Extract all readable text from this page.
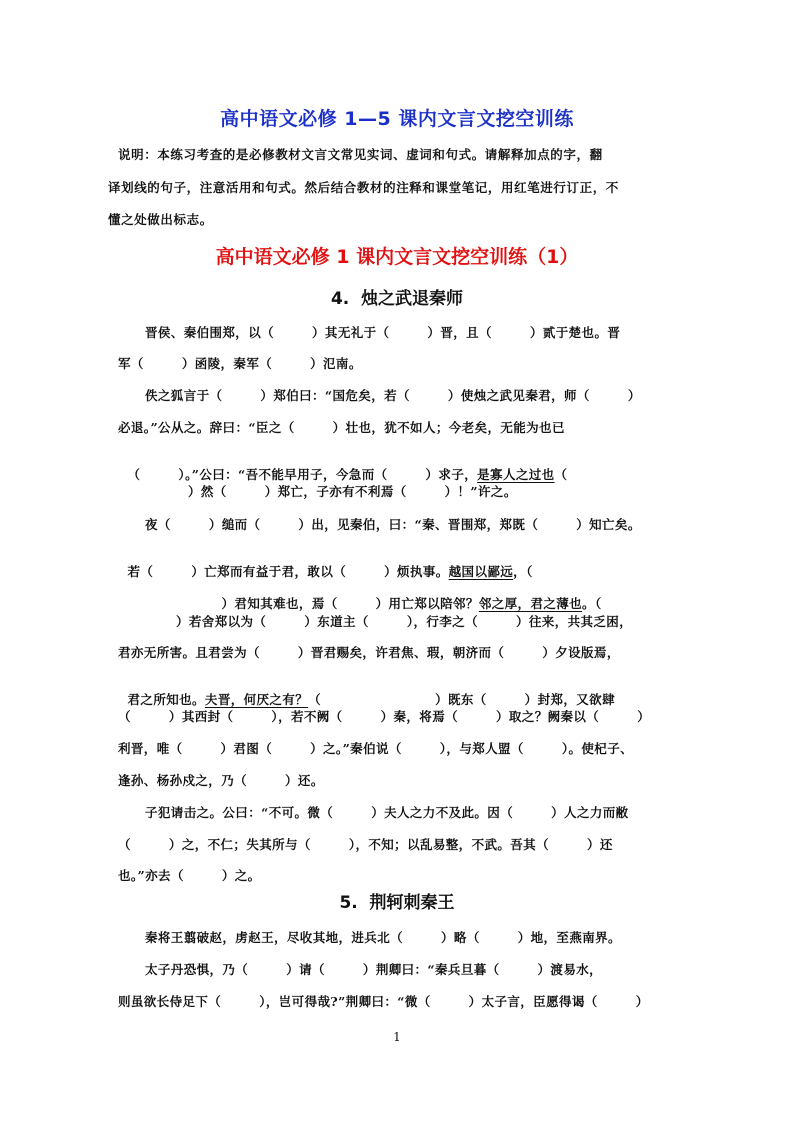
高中语文必修 1—5 课内文言文挖空训练
说明：本练习考查的是必修教材文言文常见实词、虚词和句式。请解释加点的字，翻
译划线的句子，注意活用和句式。然后结合教材的注释和课堂笔记，用红笔进行订正，不
懂之处做出标志。
高中语文必修 1 课内文言文挖空训练（1）
4.  烛之武退秦师
晋侯、秦伯围郑，以（        ）其无礼于（        ）晋，且（        ）贰于楚也。晋
军（        ）函陵，秦军（        ）氾南。
佚之狐言于（        ）郑伯曰：“国危矣，若（        ）使烛之武见秦君，师（        ）
必退。”公从之。辞曰：“臣之（        ）壮也，犹不如人；今老矣，无能为也已

（        ）。”公曰：“吾不能早用子，今急而（        ）求子，是寡人之过也（

）然（        ）郑亡，子亦有不利焉（        ）！”许之。
夜（        ）缒而（        ）出，见秦伯，曰：“秦、晋围郑，郑既（        ）知亡矣。

若（        ）亡郑而有益于君，敢以（        ）烦执事。越国以鄙远，（

）君知其难也，焉（        ）用亡郑以陪邻？邻之厚，君之薄也。（

）若舍郑以为（        ）东道主（        ），行李之（        ）往来，共其乏困，
君亦无所害。且君尝为（        ）晋君赐矣，许君焦、瑕，朝济而（        ）夕设版焉，

君之所知也。夫晋，何厌之有？（                        ）既东（        ）封郑，又欲肆

（        ）其西封（        ），若不阙（        ）秦，将焉（        ）取之？阙秦以（        ）
利晋，唯（        ）君图（        ）之。”秦伯说（        ），与郑人盟（        ）。使杞子、
逢孙、杨孙戍之，乃（        ）还。
子犯请击之。公曰：“不可。微（        ）夫人之力不及此。因（        ）人之力而敝
（        ）之，不仁；失其所与（        ），不知；以乱易整，不武。吾其（        ）还
也。”亦去（        ）之。
5.  荆轲刺秦王
秦将王翦破赵，虏赵王，尽收其地，进兵北（        ）略（        ）地，至燕南界。
太子丹恐惧，乃（        ）请（        ）荆卿曰：“秦兵旦暮（        ）渡易水，
则虽欲长侍足下（        ），岂可得哉?”荆卿曰：“微（        ）太子言，臣愿得谒（        ）
1
